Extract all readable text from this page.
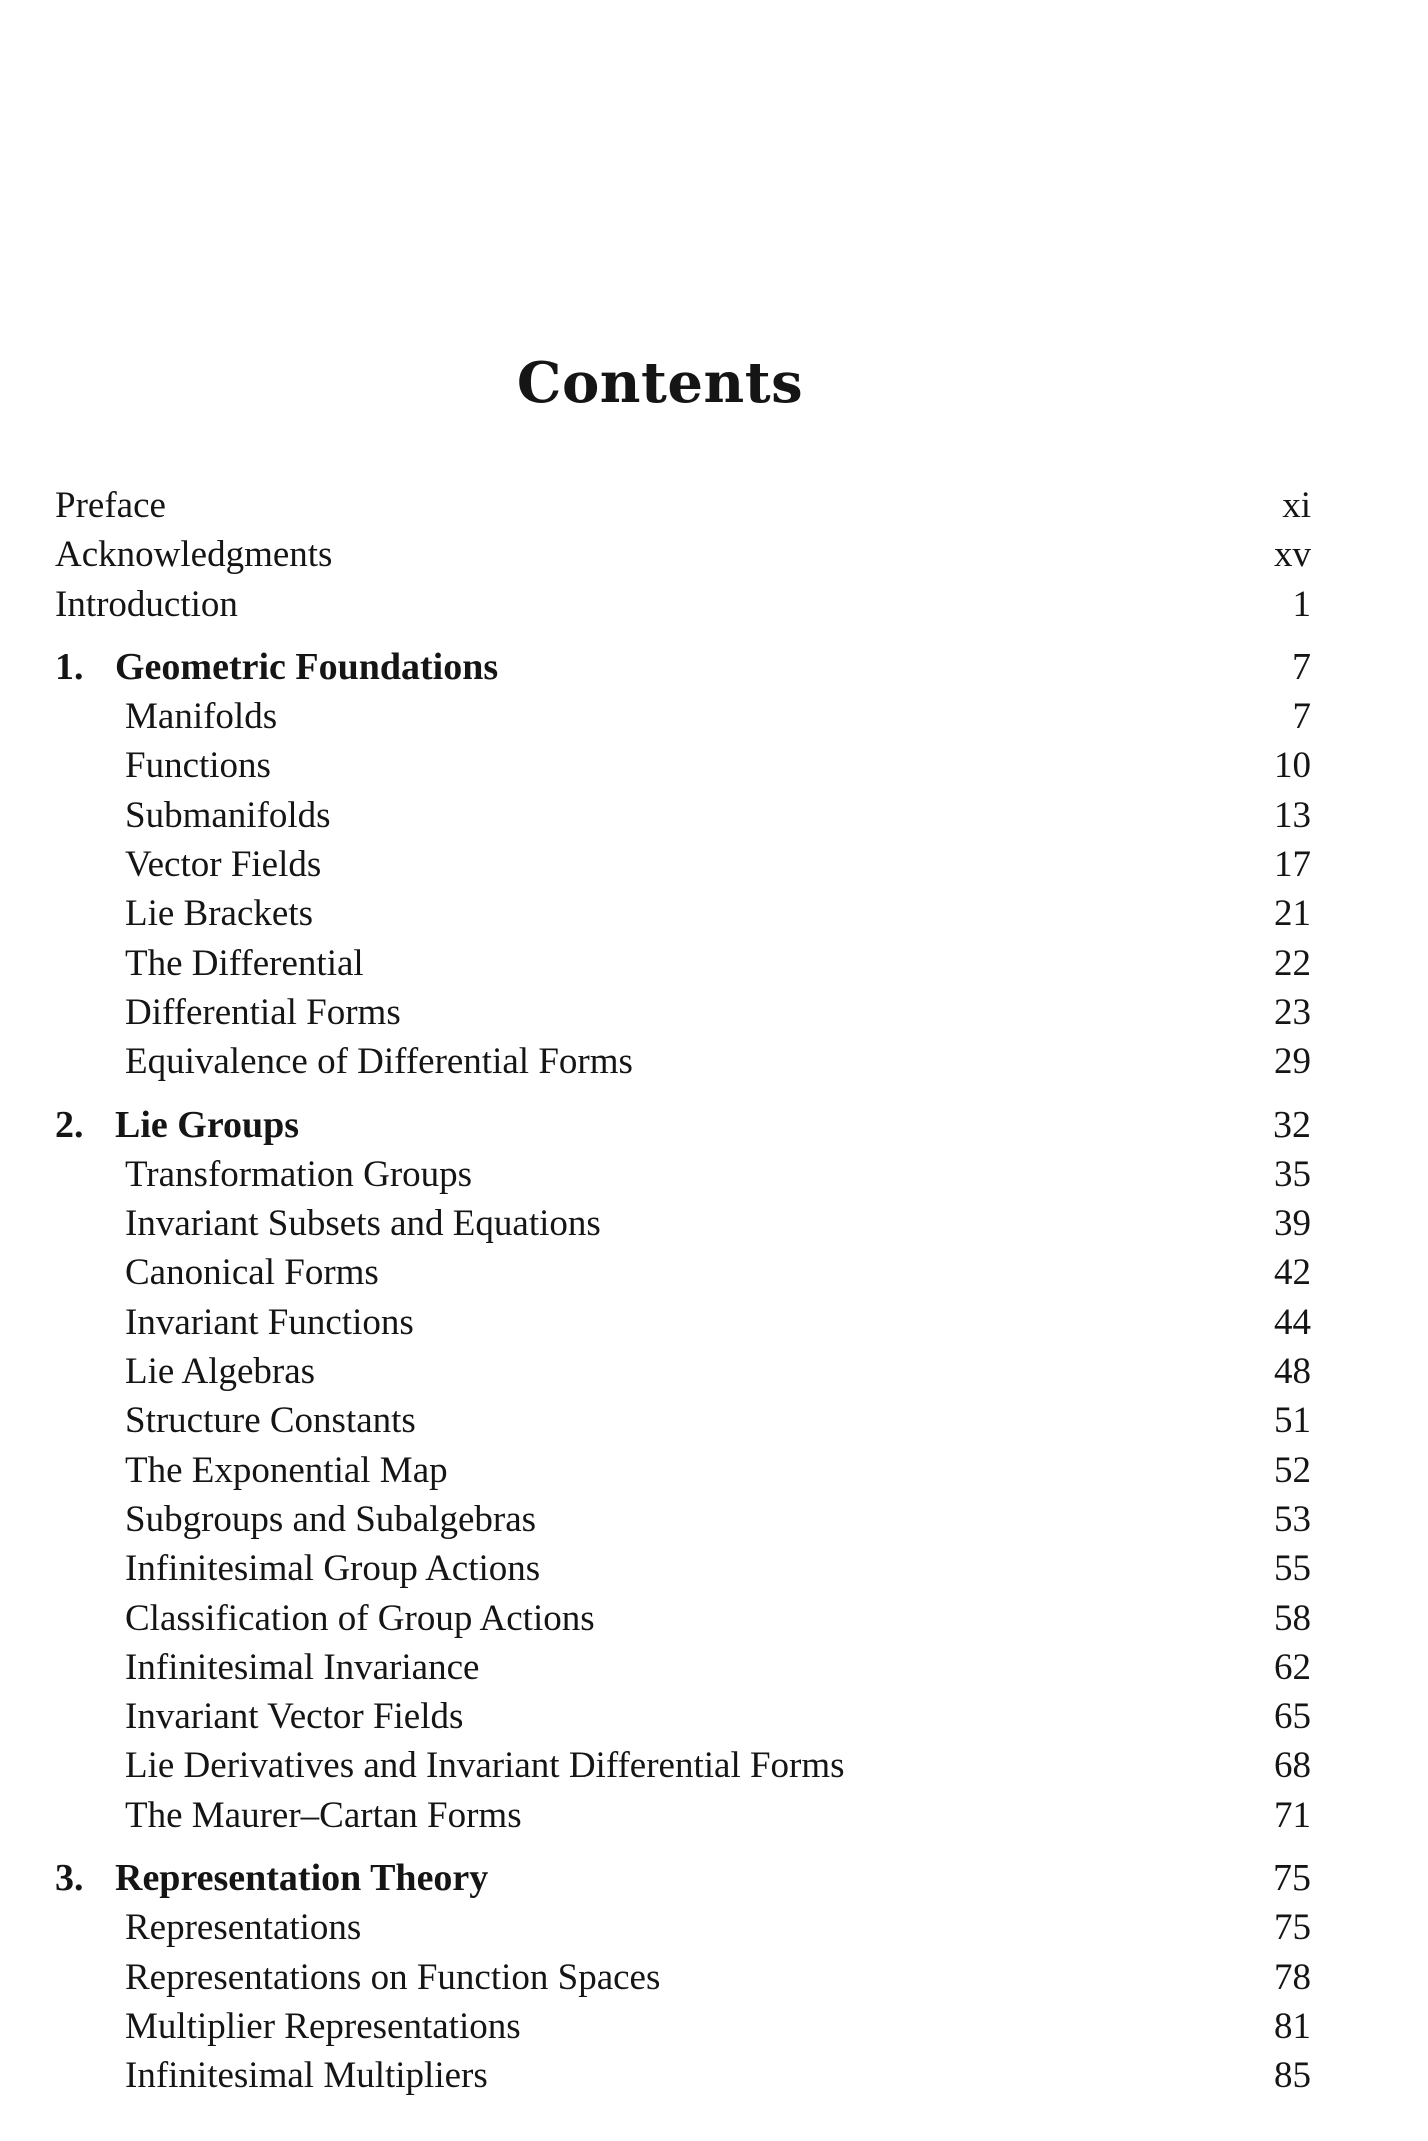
Contents
Preface	xi
Acknowledgments	xv
Introduction	1
1. Geometric Foundations	7
Manifolds	7
Functions	10
Submanifolds	13
Vector Fields	17
Lie Brackets	21
The Differential	22
Differential Forms	23
Equivalence of Differential Forms	29
2. Lie Groups	32
Transformation Groups	35
Invariant Subsets and Equations	39
Canonical Forms	42
Invariant Functions	44
Lie Algebras	48
Structure Constants	51
The Exponential Map	52
Subgroups and Subalgebras	53
Infinitesimal Group Actions	55
Classification of Group Actions	58
Infinitesimal Invariance	62
Invariant Vector Fields	65
Lie Derivatives and Invariant Differential Forms	68
The Maurer–Cartan Forms	71
3. Representation Theory	75
Representations	75
Representations on Function Spaces	78
Multiplier Representations	81
Infinitesimal Multipliers	85
